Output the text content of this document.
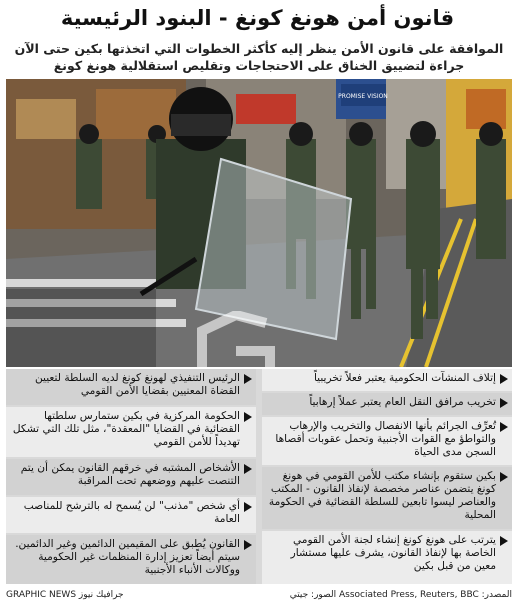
قانون أمن هونغ كونغ - البنود الرئيسية
الموافقة على قانون الأمن ينظر إليه كأكثر الخطوات التي اتخذتها بكين حتى الآن جراءة لتضييق الخناق على الاحتجاجات وتقليص استقلالية هونغ كونغ
PROMISE VISION
إتلاف المنشآت الحكومية يعتبر فعلاً تخريبياً
تخريب مرافق النقل العام يعتبر عملاً إرهابياً
تُعرِّف الجرائم بأنها الانفصال والتخريب والإرهاب والتواطؤ مع القوات الأجنبية وتحمل عقوبات أقصاها السجن مدى الحياة
بكين ستقوم بإنشاء مكتب للأمن القومي في هونغ كونغ يتضمن عناصر مخصصة لإنفاذ القانون - المكتب والعناصر ليسوا تابعين للسلطة القضائية في الحكومة المحلية
يترتب على هونغ كونغ إنشاء لجنة الأمن القومي الخاصة بها لإنفاذ القانون، يشرف عليها مستشار معين من قبل بكين
الرئيس التنفيذي لهونغ كونغ لديه السلطة لتعيين القضاة المعنيين بقضايا الأمن القومي
الحكومة المركزية في بكين ستمارس سلطتها القضائية في القضايا "المعقدة"، مثل تلك التي تشكل تهديداً للأمن القومي
الأشخاص المشتبه في خرقهم القانون يمكن أن يتم التنصت عليهم ووضعهم تحت المراقبة
أي شخص "مذنب" لن يُسمح له بالترشح للمناصب العامة
القانون يُطبق على المقيمين الدائمين وغير الدائمين. سيتم أيضاً تعزيز إدارة المنظمات غير الحكومية ووكالات الأنباء الأجنبية
المصدر: Associated Press, Reuters, BBC الصور: جيتي
GRAPHIC NEWS جرافيك نيوز
